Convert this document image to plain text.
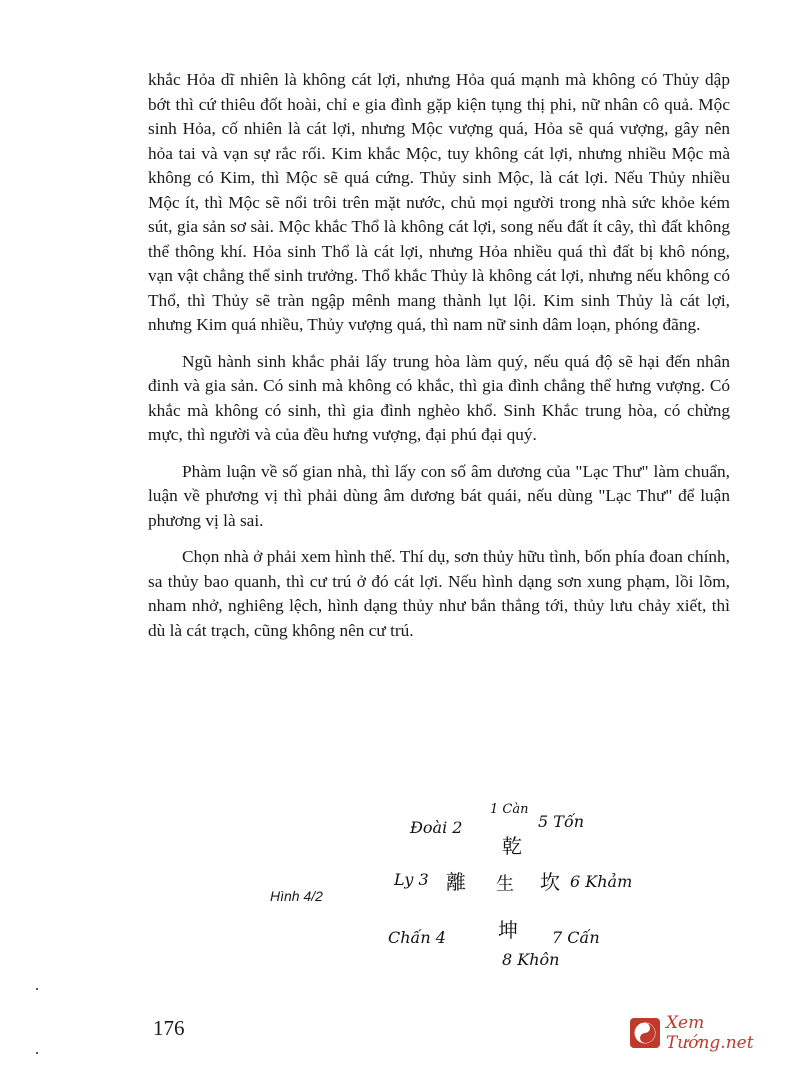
khắc Hỏa dĩ nhiên là không cát lợi, nhưng Hỏa quá mạnh mà không có Thủy dập bớt thì cứ thiêu đốt hoài, chỉ e gia đình gặp kiện tụng thị phi, nữ nhân cô quả. Mộc sinh Hỏa, cố nhiên là cát lợi, nhưng Mộc vượng quá, Hỏa sẽ quá vượng, gây nên hỏa tai và vạn sự rắc rối. Kim khắc Mộc, tuy không cát lợi, nhưng nhiều Mộc mà không có Kim, thì Mộc sẽ quá cứng. Thủy sinh Mộc, là cát lợi. Nếu Thủy nhiều Mộc ít, thì Mộc sẽ nổi trôi trên mặt nước, chủ mọi người trong nhà sức khỏe kém sút, gia sản sơ sài. Mộc khắc Thổ là không cát lợi, song nếu đất ít cây, thì đất không thể thông khí. Hỏa sinh Thổ là cát lợi, nhưng Hỏa nhiều quá thì đất bị khô nóng, vạn vật chẳng thể sinh trưởng. Thổ khắc Thủy là không cát lợi, nhưng nếu không có Thổ, thì Thủy sẽ tràn ngập mênh mang thành lụt lội. Kim sinh Thủy là cát lợi, nhưng Kim quá nhiều, Thủy vượng quá, thì nam nữ sinh dâm loạn, phóng đãng.

Ngũ hành sinh khắc phải lấy trung hòa làm quý, nếu quá độ sẽ hại đến nhân đinh và gia sản. Có sinh mà không có khắc, thì gia đình chẳng thể hưng vượng. Có khắc mà không có sinh, thì gia đình nghèo khổ. Sinh Khắc trung hòa, có chừng mực, thì người và của đều hưng vượng, đại phú đại quý.

Phàm luận về số gian nhà, thì lấy con số âm dương của "Lạc Thư" làm chuẩn, luận về phương vị thì phải dùng âm dương bát quái, nếu dùng "Lạc Thư" để luận phương vị là sai.

Chọn nhà ở phải xem hình thế. Thí dụ, sơn thủy hữu tình, bốn phía đoan chính, sa thủy bao quanh, thì cư trú ở đó cát lợi. Nếu hình dạng sơn xung phạm, lồi lõm, nham nhở, nghiêng lệch, hình dạng thủy như bắn thẳng tới, thủy lưu chảy xiết, thì dù là cát trạch, cũng không nên cư trú.

Hình 4/2
Đoài 2
1 Càn
5 Tốn
乾
Ly 3 離 生 坎 6 Khảm
Chấn 4	坤 7 Cấn
8 Khôn
176	Xem Tướng.net
